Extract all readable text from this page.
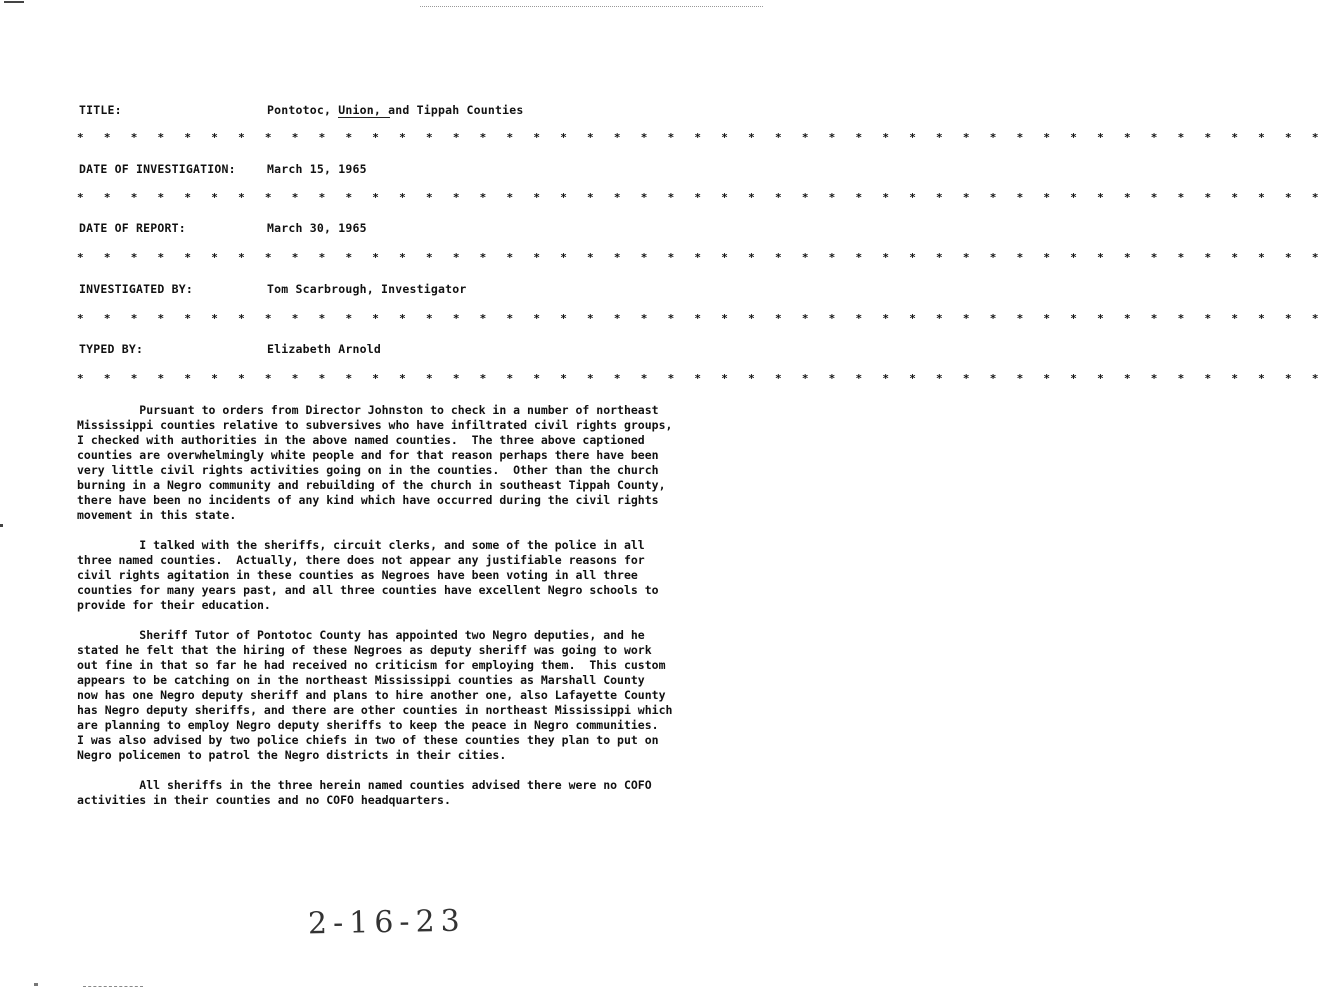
TITLE:	Pontotoc, Union, and Tippah Counties
* * * * * * * * * * * * * * * * * * * * * * * * * * * * * * * * * * * * * * * * * * * * * * *
DATE OF INVESTIGATION:	March 15, 1965
* * * * * * * * * * * * * * * * * * * * * * * * * * * * * * * * * * * * * * * * * * * * * * *
DATE OF REPORT:	March 30, 1965
* * * * * * * * * * * * * * * * * * * * * * * * * * * * * * * * * * * * * * * * * * * * * * *
INVESTIGATED BY:	Tom Scarbrough, Investigator
* * * * * * * * * * * * * * * * * * * * * * * * * * * * * * * * * * * * * * * * * * * * * * *
TYPED BY:	Elizabeth Arnold
* * * * * * * * * * * * * * * * * * * * * * * * * * * * * * * * * * * * * * * * * * * * * * *
Pursuant to orders from Director Johnston to check in a number of northeast
Mississippi counties relative to subversives who have infiltrated civil rights groups,
I checked with authorities in the above named counties.  The three above captioned
counties are overwhelmingly white people and for that reason perhaps there have been
very little civil rights activities going on in the counties.  Other than the church
burning in a Negro community and rebuilding of the church in southeast Tippah County,
there have been no incidents of any kind which have occurred during the civil rights
movement in this state.
I talked with the sheriffs, circuit clerks, and some of the police in all
three named counties.  Actually, there does not appear any justifiable reasons for
civil rights agitation in these counties as Negroes have been voting in all three
counties for many years past, and all three counties have excellent Negro schools to
provide for their education.
Sheriff Tutor of Pontotoc County has appointed two Negro deputies, and he
stated he felt that the hiring of these Negroes as deputy sheriff was going to work
out fine in that so far he had received no criticism for employing them.  This custom
appears to be catching on in the northeast Mississippi counties as Marshall County
now has one Negro deputy sheriff and plans to hire another one, also Lafayette County
has Negro deputy sheriffs, and there are other counties in northeast Mississippi which
are planning to employ Negro deputy sheriffs to keep the peace in Negro communities.
I was also advised by two police chiefs in two of these counties they plan to put on
Negro policemen to patrol the Negro districts in their cities.
All sheriffs in the three herein named counties advised there were no COFO
activities in their counties and no COFO headquarters.
2-16-23
